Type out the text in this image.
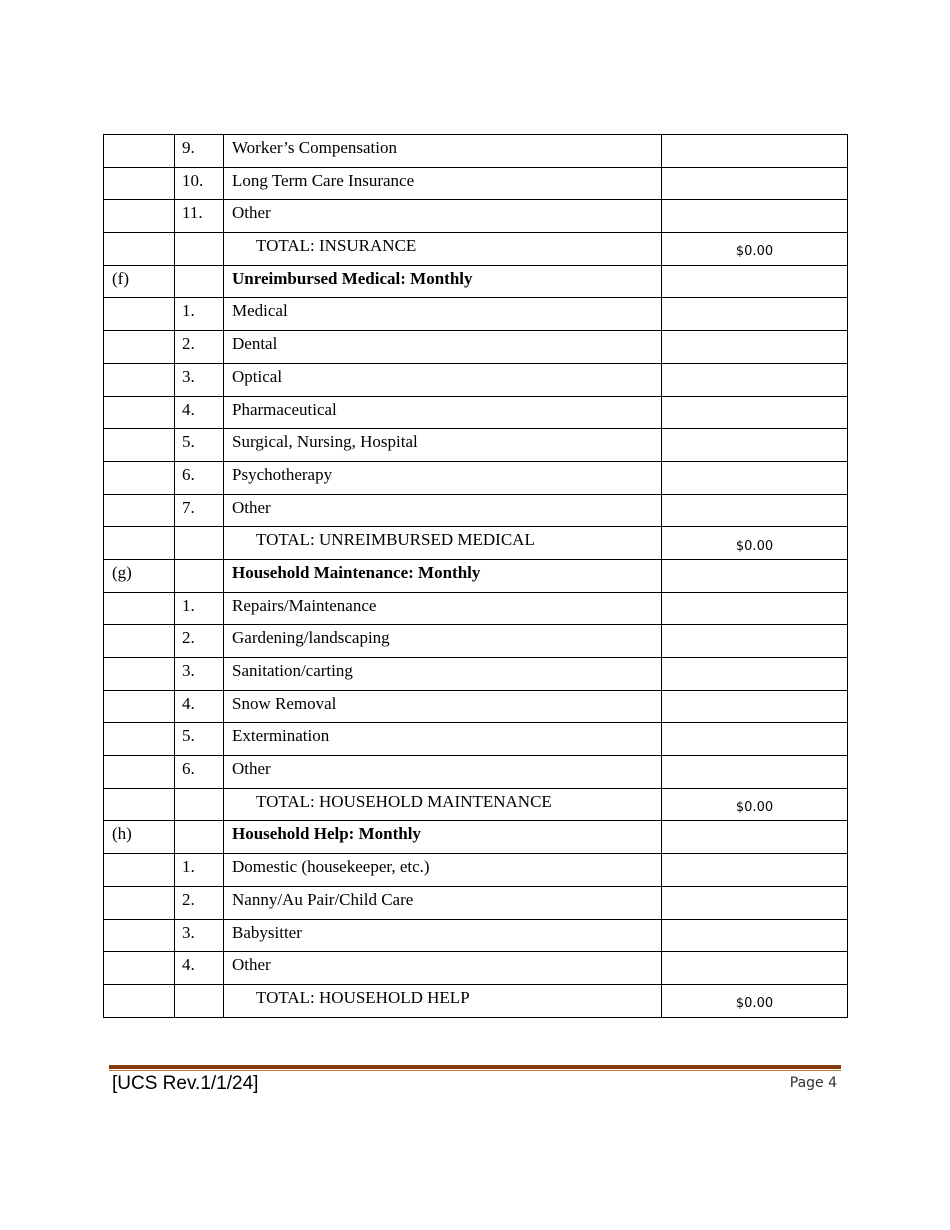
	9.	Worker’s Compensation	
	10.	Long Term Care Insurance	
	11.	Other	
		TOTAL: INSURANCE	$0.00
(f)		Unreimbursed Medical: Monthly	
	1.	Medical	
	2.	Dental	
	3.	Optical	
	4.	Pharmaceutical	
	5.	Surgical, Nursing, Hospital	
	6.	Psychotherapy	
	7.	Other	
		TOTAL: UNREIMBURSED MEDICAL	$0.00
(g)		Household Maintenance: Monthly	
	1.	Repairs/Maintenance	
	2.	Gardening/landscaping	
	3.	Sanitation/carting	
	4.	Snow Removal	
	5.	Extermination	
	6.	Other	
		TOTAL: HOUSEHOLD MAINTENANCE	$0.00
(h)		Household Help: Monthly	
	1.	Domestic (housekeeper, etc.)	
	2.	Nanny/Au Pair/Child Care	
	3.	Babysitter	
	4.	Other	
		TOTAL: HOUSEHOLD HELP	$0.00
[UCS Rev.1/1/24]	Page 4
